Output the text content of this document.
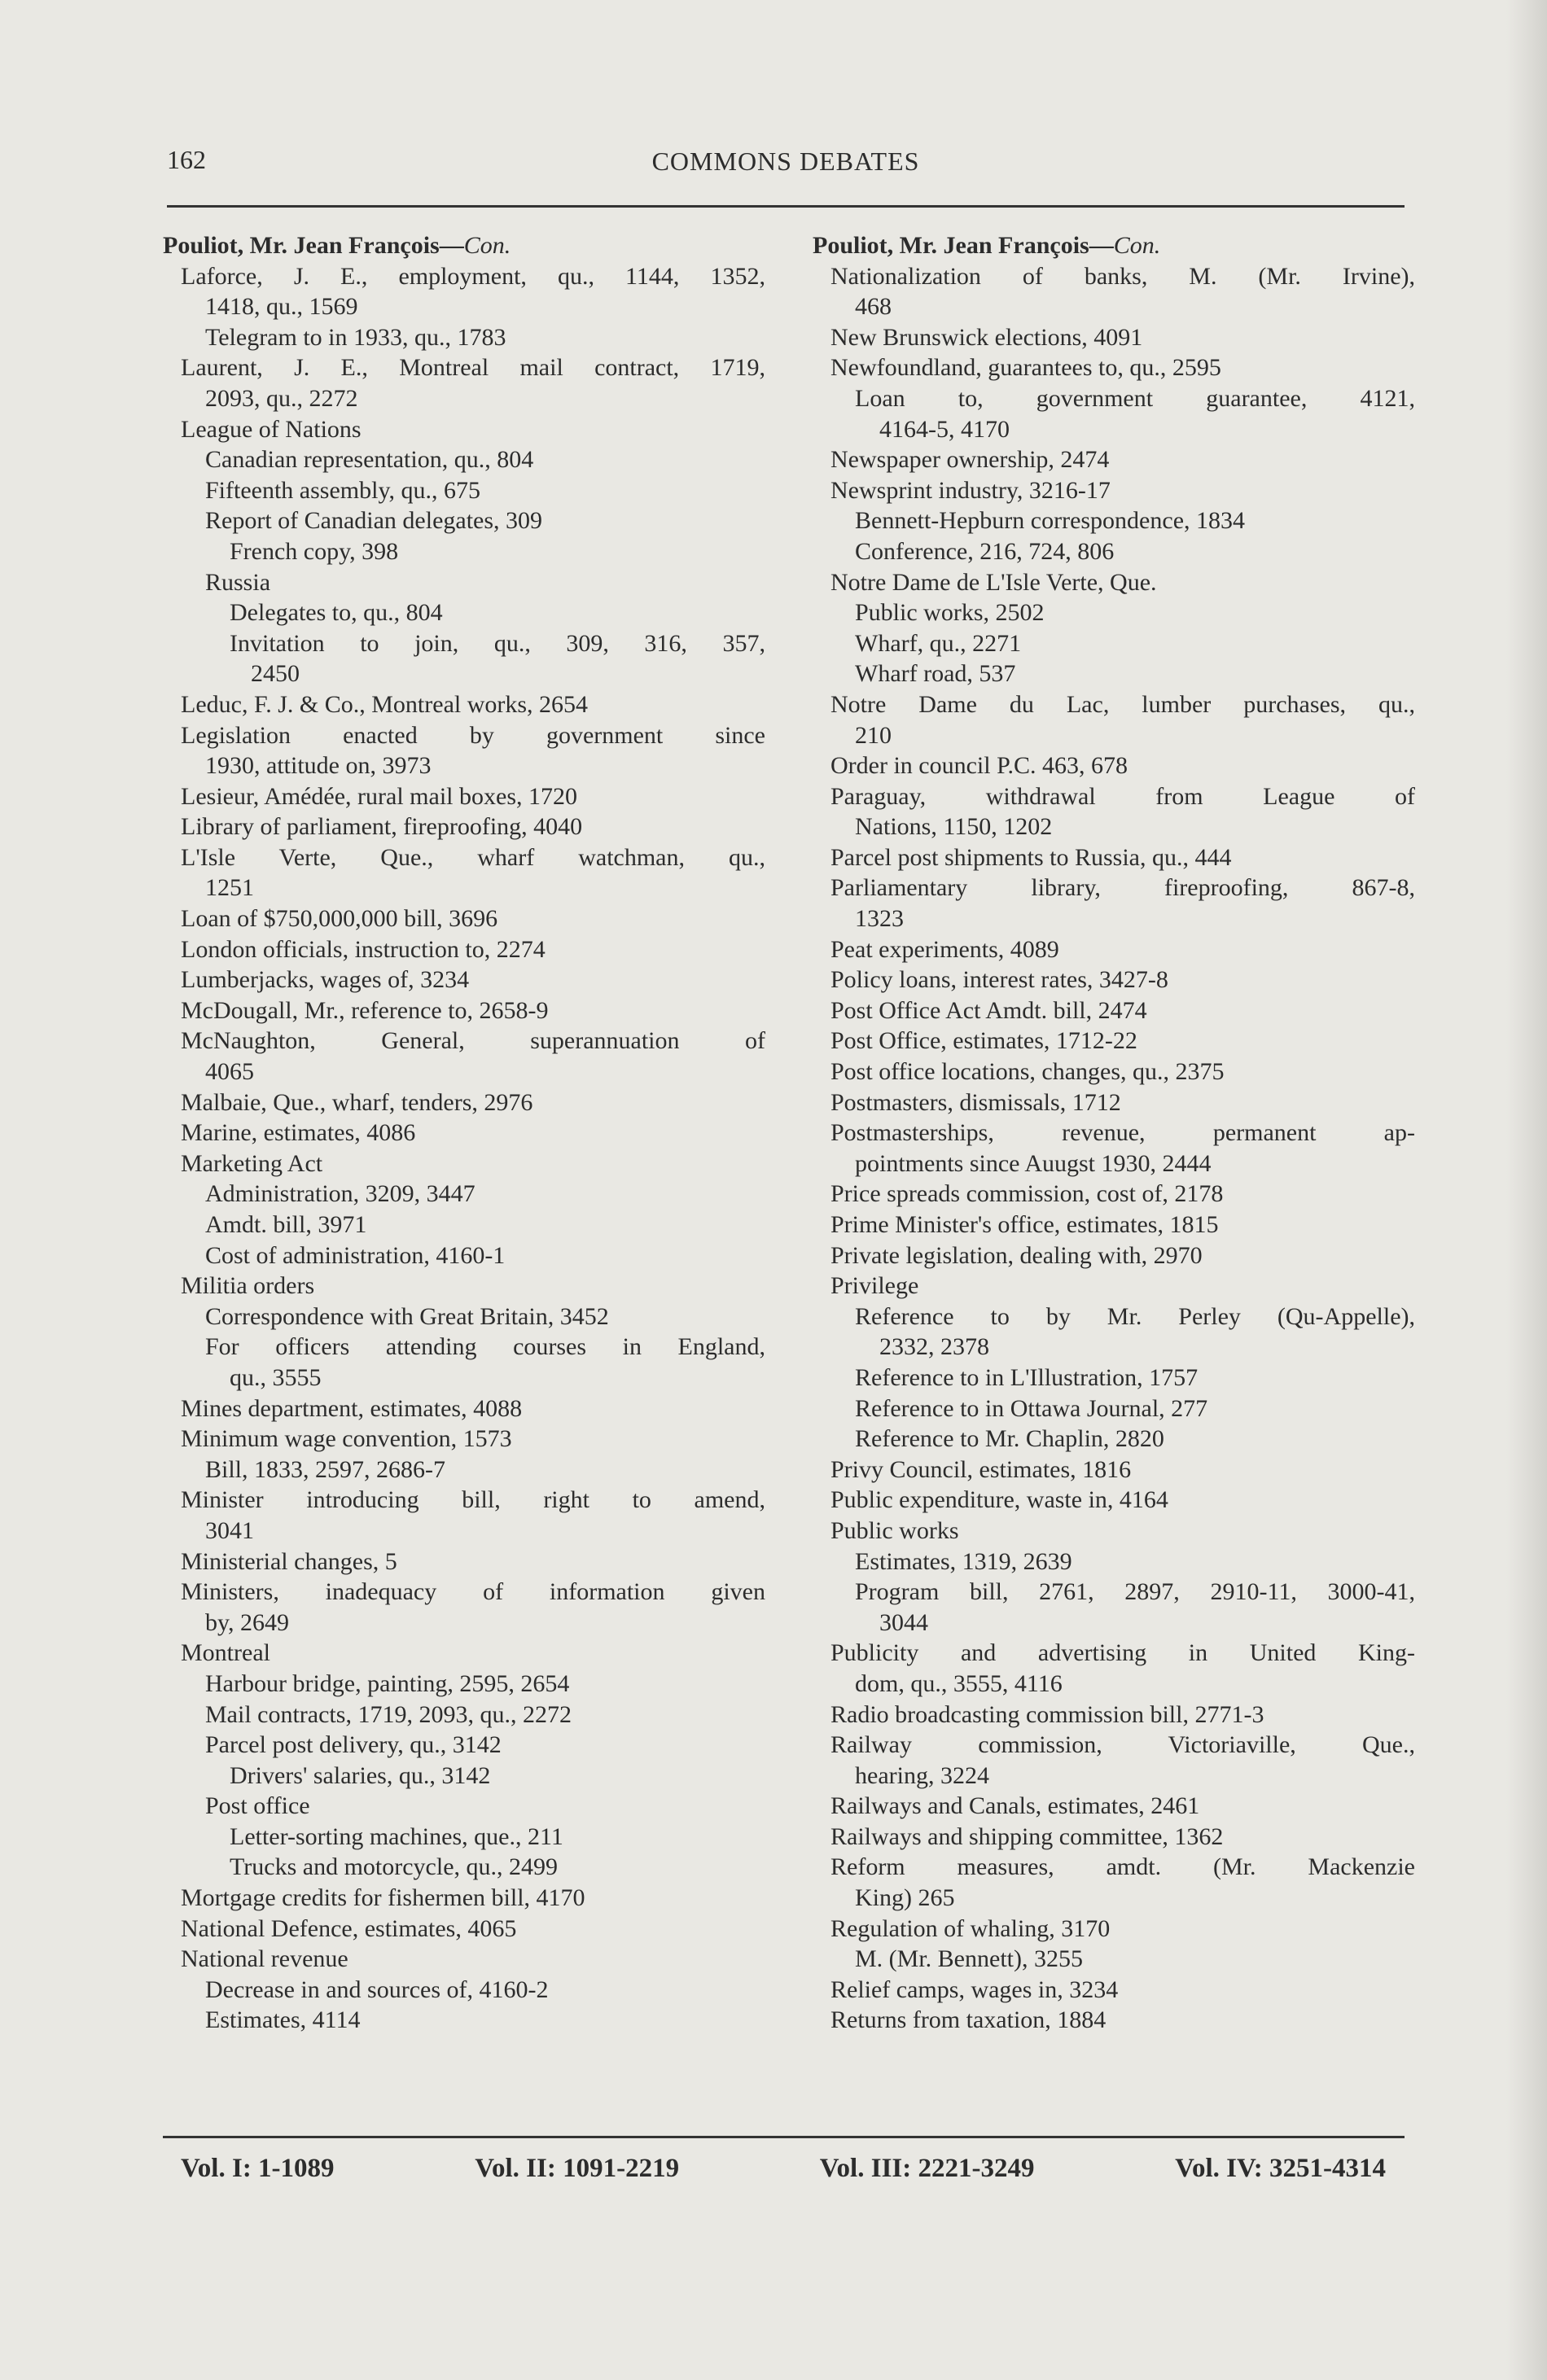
162	COMMONS DEBATES
Pouliot, Mr. Jean François—Con.
Laforce, J. E., employment, qu., 1144, 1352,
1418, qu., 1569
Telegram to in 1933, qu., 1783
Laurent, J. E., Montreal mail contract, 1719,
2093, qu., 2272
League of Nations
Canadian representation, qu., 804
Fifteenth assembly, qu., 675
Report of Canadian delegates, 309
French copy, 398
Russia
Delegates to, qu., 804
Invitation to join, qu., 309, 316, 357,
2450
Leduc, F. J. & Co., Montreal works, 2654
Legislation enacted by government since
1930, attitude on, 3973
Lesieur, Amédée, rural mail boxes, 1720
Library of parliament, fireproofing, 4040
L'Isle Verte, Que., wharf watchman, qu.,
1251
Loan of $750,000,000 bill, 3696
London officials, instruction to, 2274
Lumberjacks, wages of, 3234
McDougall, Mr., reference to, 2658-9
McNaughton, General, superannuation of
4065
Malbaie, Que., wharf, tenders, 2976
Marine, estimates, 4086
Marketing Act
Administration, 3209, 3447
Amdt. bill, 3971
Cost of administration, 4160-1
Militia orders
Correspondence with Great Britain, 3452
For officers attending courses in England,
qu., 3555
Mines department, estimates, 4088
Minimum wage convention, 1573
Bill, 1833, 2597, 2686-7
Minister introducing bill, right to amend,
3041
Ministerial changes, 5
Ministers, inadequacy of information given
by, 2649
Montreal
Harbour bridge, painting, 2595, 2654
Mail contracts, 1719, 2093, qu., 2272
Parcel post delivery, qu., 3142
Drivers' salaries, qu., 3142
Post office
Letter-sorting machines, que., 211
Trucks and motorcycle, qu., 2499
Mortgage credits for fishermen bill, 4170
National Defence, estimates, 4065
National revenue
Decrease in and sources of, 4160-2
Estimates, 4114
Pouliot, Mr. Jean François—Con.
Nationalization of banks, M. (Mr. Irvine),
468
New Brunswick elections, 4091
Newfoundland, guarantees to, qu., 2595
Loan to, government guarantee, 4121,
4164-5, 4170
Newspaper ownership, 2474
Newsprint industry, 3216-17
Bennett-Hepburn correspondence, 1834
Conference, 216, 724, 806
Notre Dame de L'Isle Verte, Que.
Public works, 2502
Wharf, qu., 2271
Wharf road, 537
Notre Dame du Lac, lumber purchases, qu.,
210
Order in council P.C. 463, 678
Paraguay, withdrawal from League of
Nations, 1150, 1202
Parcel post shipments to Russia, qu., 444
Parliamentary library, fireproofing, 867-8,
1323
Peat experiments, 4089
Policy loans, interest rates, 3427-8
Post Office Act Amdt. bill, 2474
Post Office, estimates, 1712-22
Post office locations, changes, qu., 2375
Postmasters, dismissals, 1712
Postmasterships, revenue, permanent ap-
pointments since Auugst 1930, 2444
Price spreads commission, cost of, 2178
Prime Minister's office, estimates, 1815
Private legislation, dealing with, 2970
Privilege
Reference to by Mr. Perley (Qu-Appelle),
2332, 2378
Reference to in L'Illustration, 1757
Reference to in Ottawa Journal, 277
Reference to Mr. Chaplin, 2820
Privy Council, estimates, 1816
Public expenditure, waste in, 4164
Public works
Estimates, 1319, 2639
Program bill, 2761, 2897, 2910-11, 3000-41,
3044
Publicity and advertising in United King-
dom, qu., 3555, 4116
Radio broadcasting commission bill, 2771-3
Railway commission, Victoriaville, Que.,
hearing, 3224
Railways and Canals, estimates, 2461
Railways and shipping committee, 1362
Reform measures, amdt. (Mr. Mackenzie
King) 265
Regulation of whaling, 3170
M. (Mr. Bennett), 3255
Relief camps, wages in, 3234
Returns from taxation, 1884
Vol. I: 1-1089	Vol. II: 1091-2219	Vol. III: 2221-3249	Vol. IV: 3251-4314
